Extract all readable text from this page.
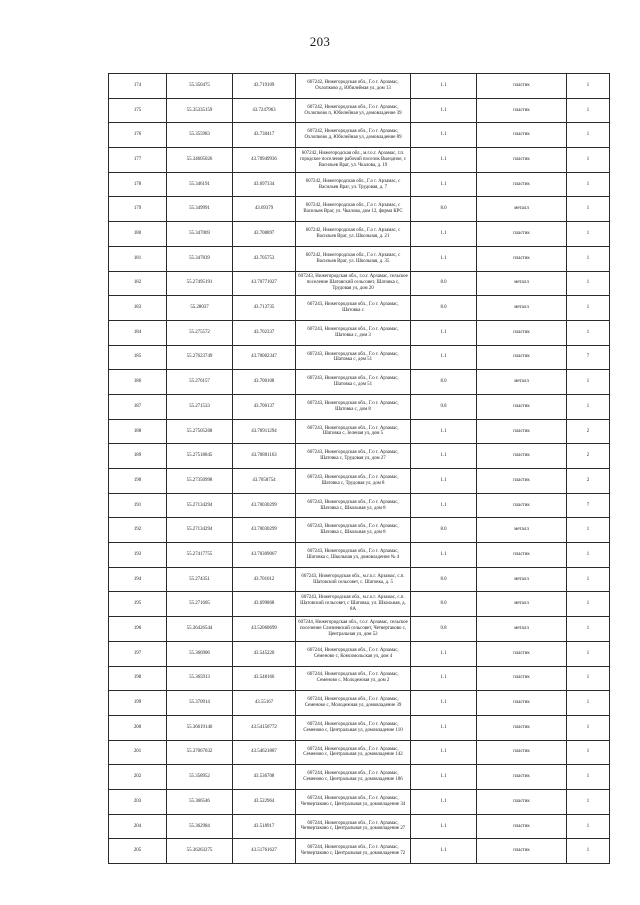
203
174	55.350475	43.719109	607242, Нижегородская обл., Г.о г. Арзамас, Охлопково д, Юбилейная ул, дом 13	1.1	пластик	1
175	55.35335159	43.7247963	607242, Нижегородская обл., Г.о г. Арзамас, Охлопково п, Юбилейная ул, домовладение 39	1.1	пластик	1
176	55.355983	43.730417	607242, Нижегородская обл., Г.о г. Арзамас, Охлопково д, Юбилейная ул, домовладение 89	1.1	пластик	1
177	55.34605026	43.70949936	607242, Нижегородская обл., м.г.о.г. Арзамас, г.п. городское поселение рабочий поселок Выездное, с Васильев Враг, ул. Чкалова, д. 19	1.1	пластик	1
178	55.346191	43.697334	607242, Нижегородская обл., Г.о г. Арзамас, с Васильев Враг, ул. Трудовая, д. 7	1.1	пластик	1
179	55.349991	43.69379	607242, Нижегородская обл., Г.о г. Арзамас, с Васильев Враг, ул. Чкалова, дом 12, фирма КРС	8.0	металл	1
180	55.347069	43.708897	607242, Нижегородская обл., Г.о г. Арзамас, с Васильев Враг, ул. Школьная, д. 21	1.1	пластик	1
181	55.347839	43.705753	607242, Нижегородская обл., Г.о г. Арзамас, с Васильев Враг, ул. Школьная, д. 35	1.1	пластик	1
182	55.27495191	43.70771027	607243, Нижегородская обл., г.о.г. Арзамас, сельское поселение Шатовский сельсовет, Шатовка с, Трудовая ул, дом 20	8.0	металл	1
183	55.28037	43.713735	607243, Нижегородская обл., Г.о г. Арзамас, Шатовка с	8.0	металл	1
184	55.275572	43.702337	607243, Нижегородская обл., Г.о г. Арзамас, Шатовка с, дом 3	1.1	пластик	1
185	55.27623749	43.70002347	607243, Нижегородская обл., Г.о г. Арзамас, Шатовка с, дом 51	1.1	пластик	7
186	55.276157	43.700108	607243, Нижегородская обл., Г.о г. Арзамас, Шатовка с, дом 51	8.0	металл	1
187	55.271533	43.700137	607243, Нижегородская обл., Г.о г. Арзамас, Шатовка с, дом 8	0.8	пластик	1
188	55.27505268	43.70911294	607243, Нижегородская обл., Г.о г. Арзамас, Шатовка с, Зеленая ул, дом 5	1.1	пластик	2
189	55.27518845	43.70801163	607243, Нижегородская обл., Г.о г. Арзамас, Шатовка с, Трудовая ул, дом 27	1.1	пластик	2
190	55.27350998	43.7058754	607243, Нижегородская обл., Г.о г. Арзамас, Шатовка с, Трудовая ул, дом 8	1.1	пластик	2
191	55.27134294	43.70030299	607243, Нижегородская обл., Г.о г. Арзамас, Шатовка с, Школьная ул, дом 8	1.1	пластик	7
192	55.27134294	43.70030299	607243, Нижегородская обл., Г.о г. Арзамас, Шатовка с, Школьная ул, дом 8	8.0	металл	1
193	55.27417755	43.70309067	607243, Нижегородская обл., Г.о г. Арзамас, Шатовка с, Школьная ул, домовладение № 4	1.1	пластик	1
194	55.274351	43.701612	607243, Нижегородская обл., м.г.о.г. Арзамас, с.п. Шатовский сельсовет, с. Шатовка, д. 5	8.0	металл	1
195	55.271605	43.699868	607243, Нижегородская обл., м.г.о.г. Арзамас, с.п. Шатовский сельсовет, с Шатовка, ул. Школьная, д. 8А	8.0	металл	1
196	55.36426544	43.52060699	607244, Нижегородская обл., г.о.г. Арзамас, сельское поселение Слизневский сельсовет, Четвертаково с, Центральная ул, дом 52	0.8	металл	1
197	55.366906	43.545220	607244, Нижегородская обл., Г.о г. Арзамас, Семеново с, Комсомольская ул, дом 4	1.1	пластик	1
198	55.365913	43.548166	607244, Нижегородская обл., Г.о г. Арзамас, Семеново с, Молодежная ул, дом 2	1.1	пластик	1
199	55.370914	43.55167	607244, Нижегородская обл., Г.о г. Арзамас, Семеново с, Молодежная ул, домовладение 39	1.1	пластик	1
200	55.36619146	43.54150772	607244, Нижегородская обл., Г.о г. Арзамас, Семеново с, Центральная ул, домовладение 110	1.1	пластик	1
201	55.37067032	43.54621887	607244, Нижегородская обл., Г.о г. Арзамас, Семеново с, Центральная ул, домовладение 142	1.1	пластик	1
202	55.358952	43.536708	607244, Нижегородская обл., Г.о г. Арзамас, Семеново с, Центральная ул, домовладение 186	1.1	пластик	1
203	55.366546	43.522964	607244, Нижегородская обл., Г.о г. Арзамас, Четвертаково с, Центральная ул, домовладение 34	1.1	пластик	1
204	55.362984	43.518917	607244, Нижегородская обл., Г.о г. Арзамас, Четвертаково с, Центральная ул, домовладение 27	1.1	пластик	1
205	55.36263275	43.51761627	607244, Нижегородская обл., Г.о г. Арзамас, Четвертаково с, Центральная ул, домовладение 72	1.1	пластик	1
